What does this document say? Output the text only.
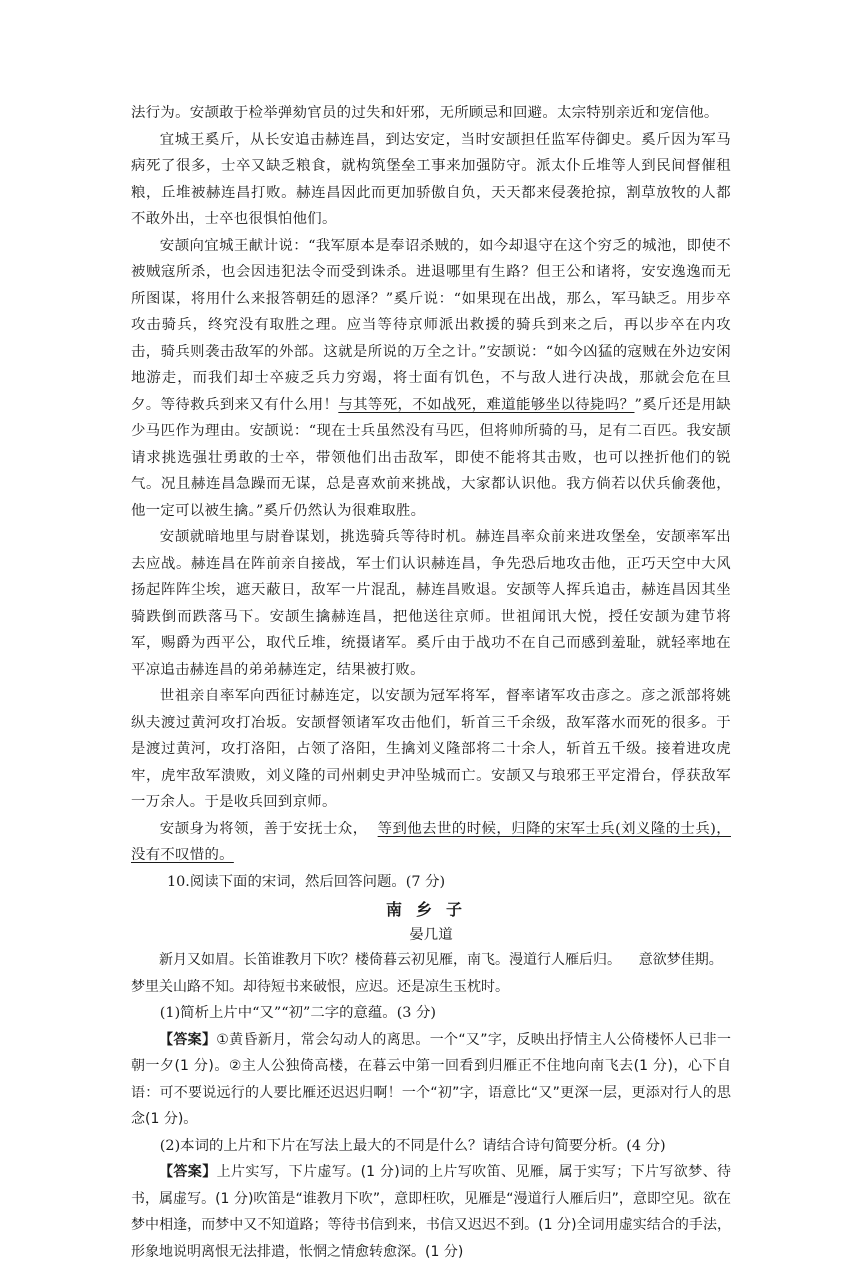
法行为。安颉敢于检举弹劾官员的过失和奸邪，无所顾忌和回避。太宗特别亲近和宠信他。

宜城王奚斤，从长安追击赫连昌，到达安定，当时安颉担任监军侍御史。奚斤因为军马病死了很多，士卒又缺乏粮食，就构筑堡垒工事来加强防守。派太仆丘堆等人到民间督催租粮，丘堆被赫连昌打败。赫连昌因此而更加骄傲自负，天天都来侵袭抢掠，割草放牧的人都不敢外出，士卒也很惧怕他们。

安颉向宜城王献计说：“我军原本是奉诏杀贼的，如今却退守在这个穷乏的城池，即使不被贼寇所杀，也会因违犯法令而受到诛杀。进退哪里有生路？但王公和诸将，安安逸逸而无所图谋，将用什么来报答朝廷的恩泽？”奚斤说：“如果现在出战，那么，军马缺乏。用步卒攻击骑兵，终究没有取胜之理。应当等待京师派出救援的骑兵到来之后，再以步卒在内攻击，骑兵则袭击敌军的外部。这就是所说的万全之计。”安颉说：“如今凶猛的寇贼在外边安闲地游走，而我们却士卒疲乏兵力穷竭，将士面有饥色，不与敌人进行决战，那就会危在旦夕。等待救兵到来又有什么用！与其等死，不如战死，难道能够坐以待毙吗？”奚斤还是用缺少马匹作为理由。安颉说：“现在士兵虽然没有马匹，但将帅所骑的马，足有二百匹。我安颉请求挑选强壮勇敢的士卒，带领他们出击敌军，即使不能将其击败，也可以挫折他们的锐气。况且赫连昌急躁而无谋，总是喜欢前来挑战，大家都认识他。我方倘若以伏兵偷袭他，他一定可以被生擒。”奚斤仍然认为很难取胜。

安颉就暗地里与尉眷谋划，挑选骑兵等待时机。赫连昌率众前来进攻堡垒，安颉率军出去应战。赫连昌在阵前亲自接战，军士们认识赫连昌，争先恐后地攻击他，正巧天空中大风扬起阵阵尘埃，遮天蔽日，敌军一片混乱，赫连昌败退。安颉等人挥兵追击，赫连昌因其坐骑跌倒而跌落马下。安颉生擒赫连昌，把他送往京师。世祖闻讯大悦，授任安颉为建节将军，赐爵为西平公，取代丘堆，统摄诸军。奚斤由于战功不在自己而感到羞耻，就轻率地在平凉追击赫连昌的弟弟赫连定，结果被打败。

世祖亲自率军向西征讨赫连定，以安颉为冠军将军，督率诸军攻击彦之。彦之派部将姚纵夫渡过黄河攻打冶坂。安颉督领诸军攻击他们，斩首三千余级，敌军落水而死的很多。于是渡过黄河，攻打洛阳，占领了洛阳，生擒刘义隆部将二十余人，斩首五千级。接着进攻虎牢，虎牢敌军溃败，刘义隆的司州刺史尹冲坠城而亡。安颉又与琅邪王平定滑台，俘获敌军一万余人。于是收兵回到京师。

安颉身为将领，善于安抚士众，  等到他去世的时候，归降的宋军士兵(刘义隆的士兵)，没有不叹惜的。

10.阅读下面的宋词，然后回答问题。(7 分)

南乡子

晏几道

新月又如眉。长笛谁教月下吹？楼倚暮云初见雁，南飞。漫道行人雁后归。    意欲梦佳期。梦里关山路不知。却待短书来破恨，应迟。还是凉生玉枕时。

(1)简析上片中“又”“初”二字的意蕴。(3 分)

【答案】①黄昏新月，常会勾动人的离思。一个“又”字，反映出抒情主人公倚楼怀人已非一朝一夕(1 分)。②主人公独倚高楼，在暮云中第一回看到归雁正不住地向南飞去(1 分)，心下自语：可不要说远行的人要比雁还迟迟归啊！一个“初”字，语意比“又”更深一层，更添对行人的思念(1 分)。

(2)本词的上片和下片在写法上最大的不同是什么？请结合诗句简要分析。(4 分)

【答案】上片实写，下片虚写。(1 分)词的上片写吹笛、见雁，属于实写；下片写欲梦、待书，属虚写。(1 分)吹笛是“谁教月下吹”，意即枉吹，见雁是“漫道行人雁后归”，意即空见。欲在梦中相逢，而梦中又不知道路；等待书信到来，书信又迟迟不到。(1 分)全词用虚实结合的手法，形象地说明离恨无法排遣，怅惘之情愈转愈深。(1 分)
